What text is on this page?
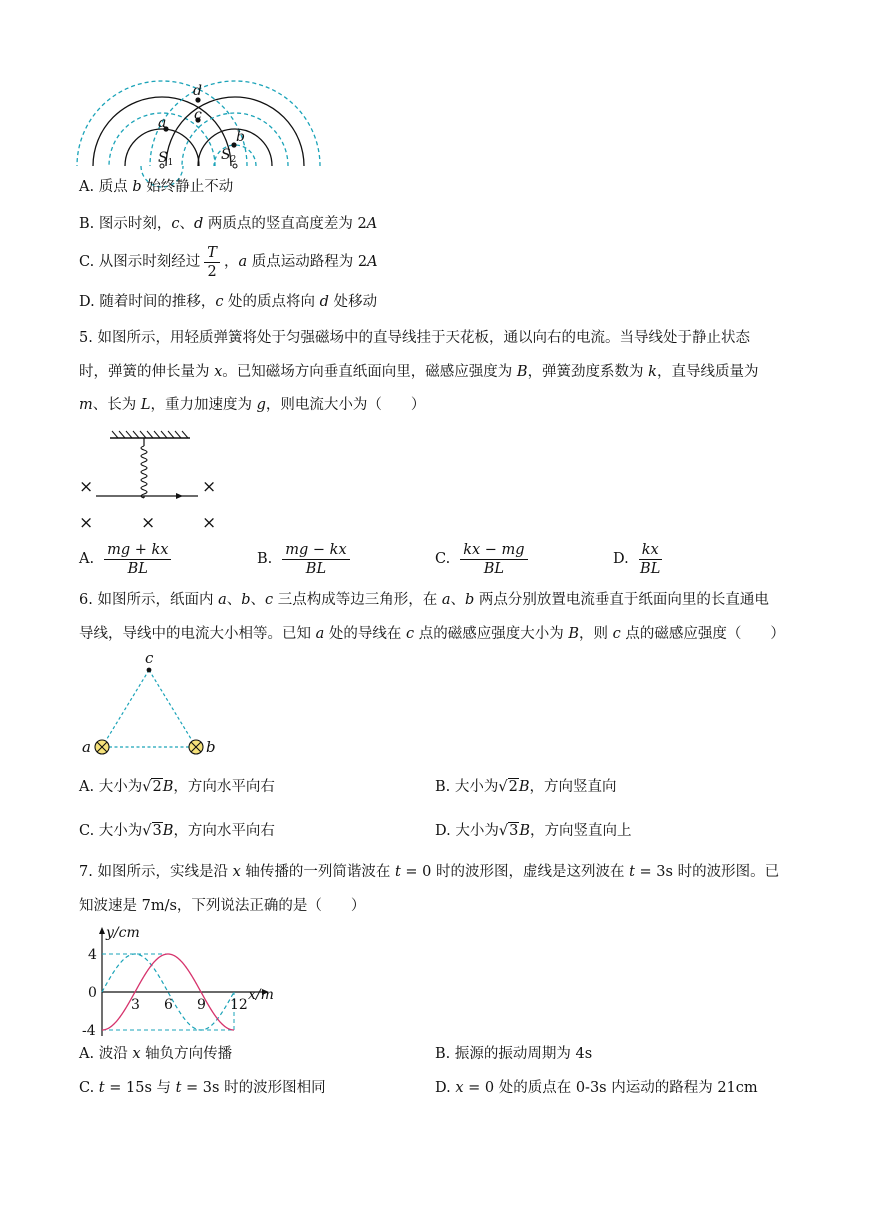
d
c
a
b
$S_1$	$S_2$
A. 质点 b 始终静止不动
B. 图示时刻，c、d 两质点的竖直高度差为 2A
C. 从图示时刻经过 $\frac{T}{2}$ ，a 质点运动路程为 2A
D. 随着时间的推移，c 处的质点将向 d 处移动
5. 如图所示，用轻质弹簧将处于匀强磁场中的直导线挂于天花板，通以向右的电流。当导线处于静止状态
时，弹簧的伸长量为 x。已知磁场方向垂直纸面向里，磁感应强度为 B，弹簧劲度系数为 k，直导线质量为
m、长为 L，重力加速度为 g，则电流大小为（　　）
×	×
×	×	×
A. $\frac{mg + kx}{BL}$	B. $\frac{mg - kx}{BL}$	C. $\frac{kx - mg}{BL}$	D. $\frac{kx}{BL}$
6. 如图所示，纸面内 a、b、c 三点构成等边三角形，在 a、b 两点分别放置电流垂直于纸面向里的长直通电
导线，导线中的电流大小相等。已知 a 处的导线在 c 点的磁感应强度大小为 B，则 c 点的磁感应强度（　　）
c
a	b
A. 大小为√2B，方向水平向右	B. 大小为√2B，方向竖直向
C. 大小为√3B，方向水平向右	D. 大小为√3B，方向竖直向上
7. 如图所示，实线是沿 x 轴传播的一列简谐波在 t = 0 时的波形图，虚线是这列波在 t = 3s 时的波形图。已
知波速是 7m/s，下列说法正确的是（　　）
3 6 9 12
4
0
-4
y/cm
x/m
A. 波沿 x 轴负方向传播	B. 振源的振动周期为 4s
C. t = 15s 与 t = 3s 时的波形图相同	D. x = 0 处的质点在 0-3s 内运动的路程为 21cm
